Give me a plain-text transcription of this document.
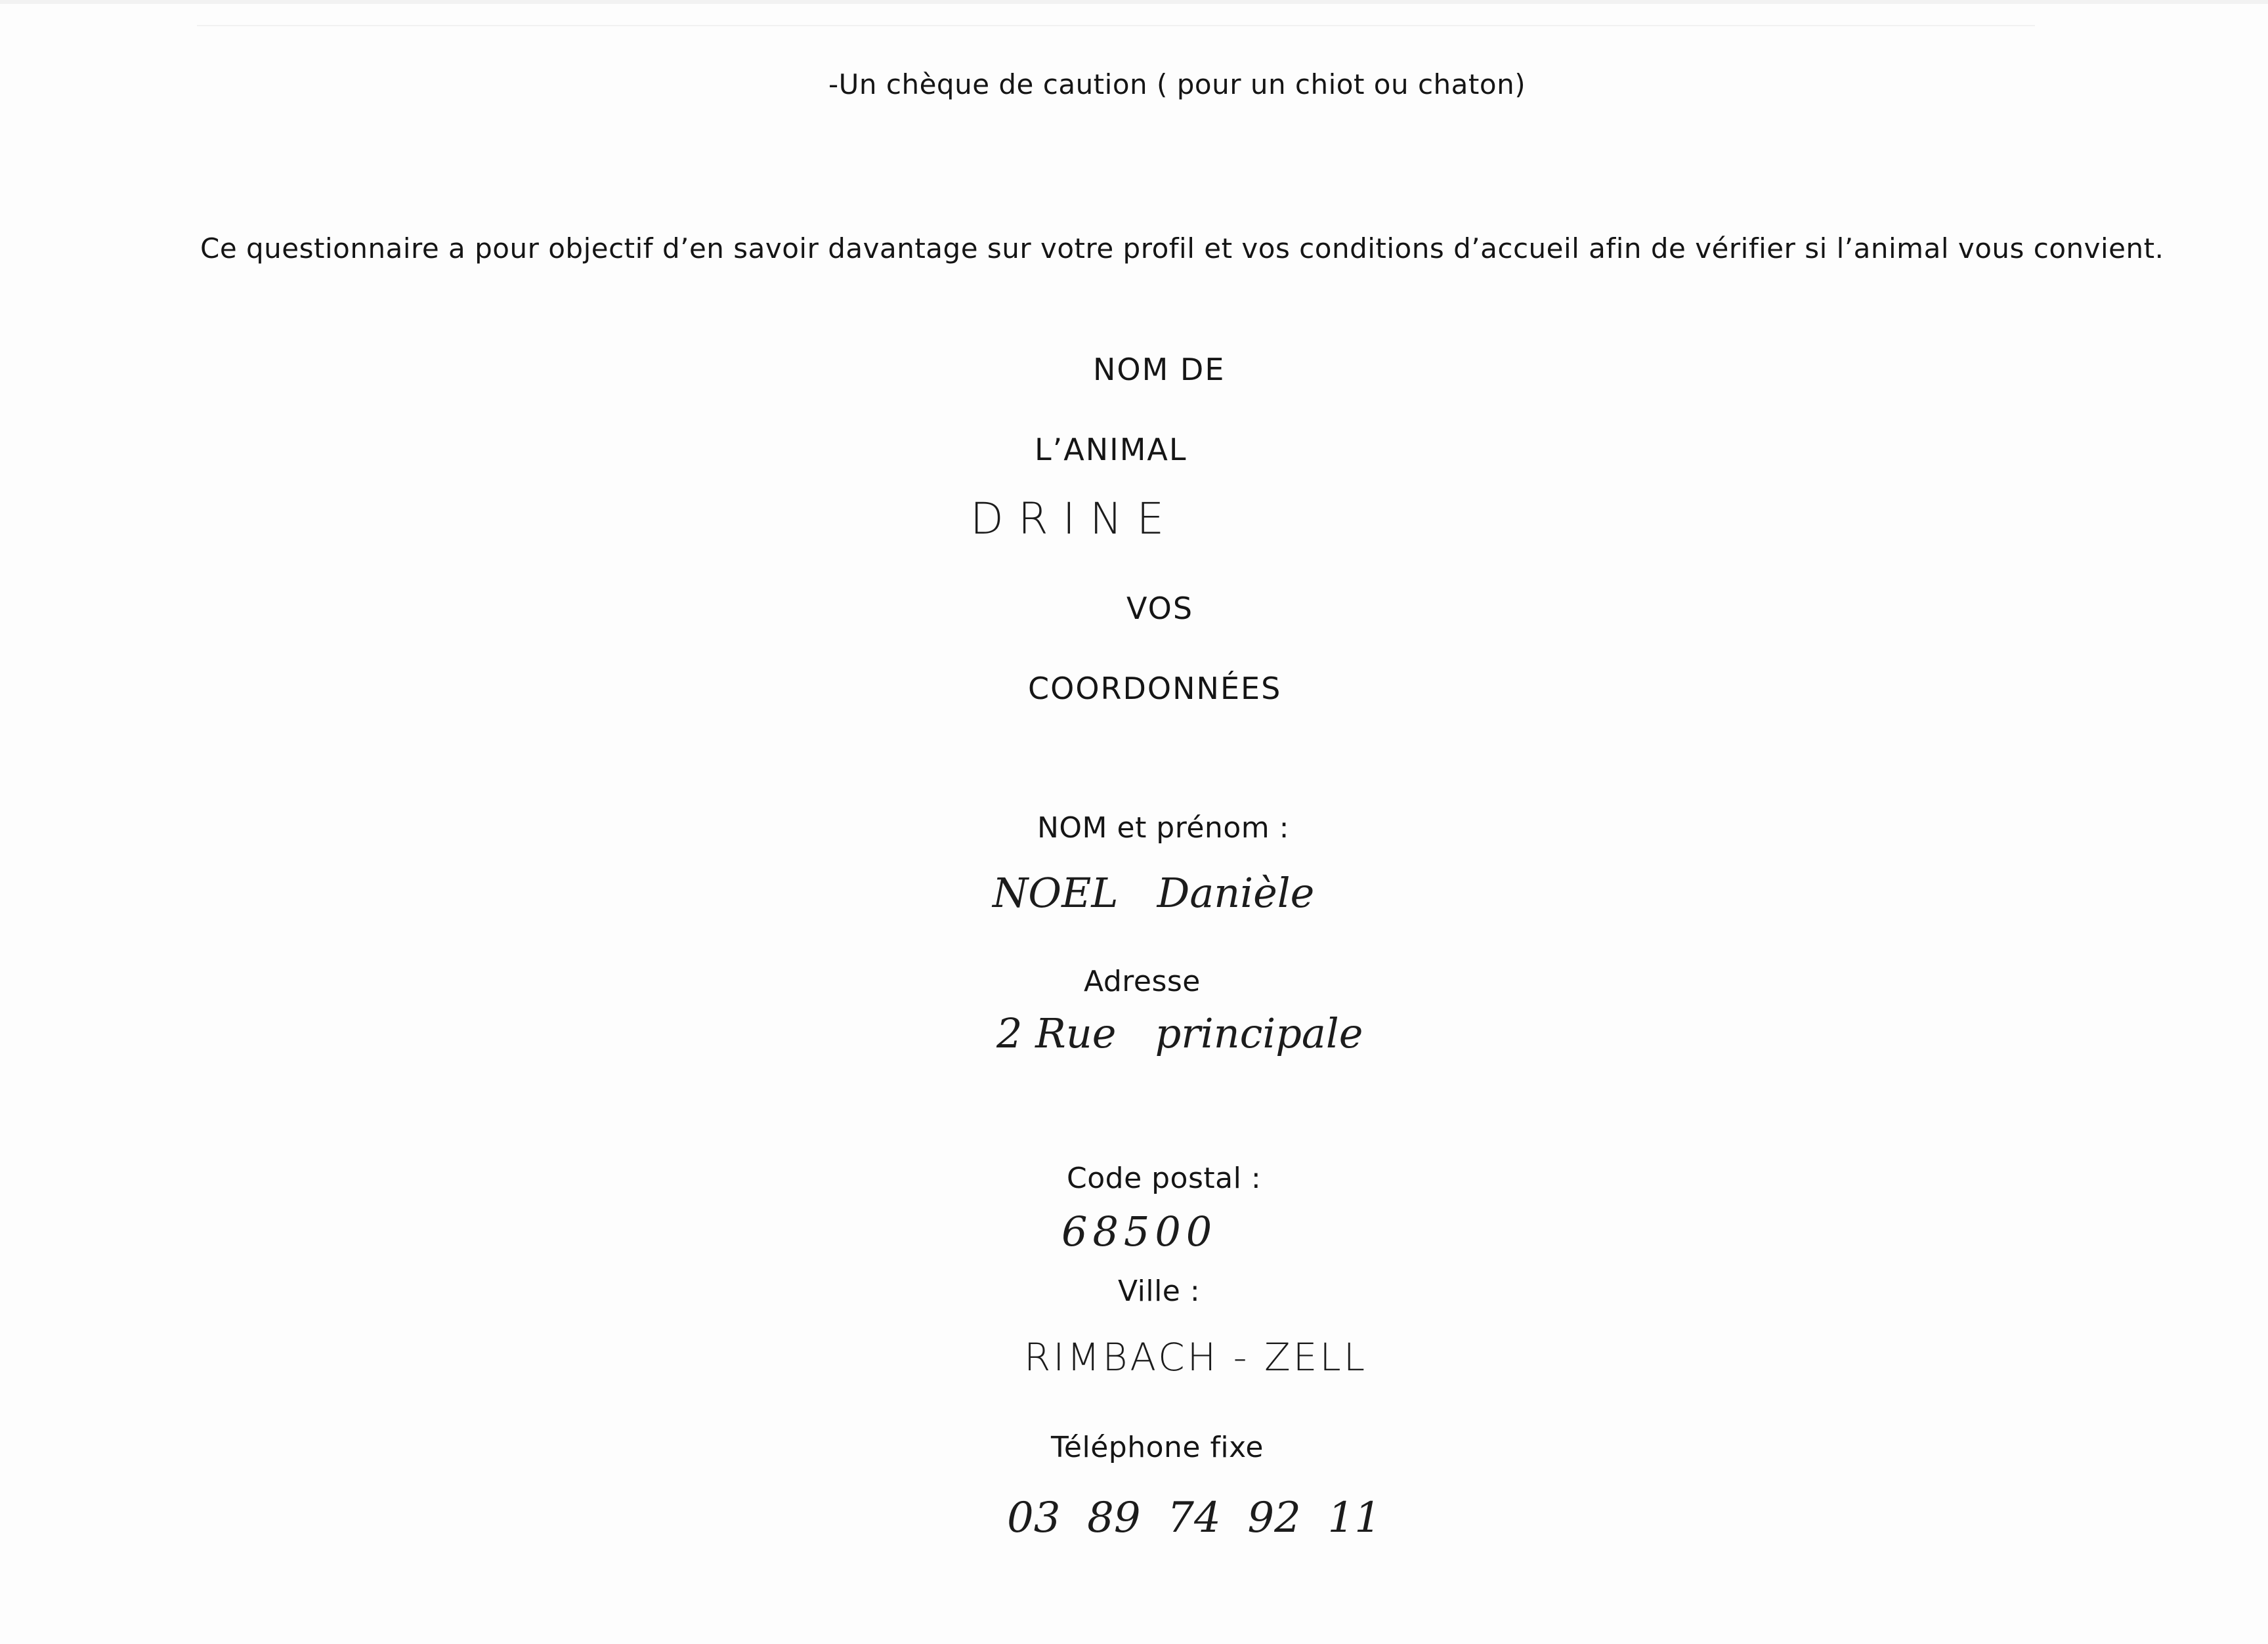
-Un chèque de caution ( pour un chiot ou chaton)
Ce questionnaire a pour objectif d’en savoir davantage sur votre profil et vos conditions d’accueil afin de vérifier si l’animal vous convient.
NOM DE
L’ANIMAL
DRINE
VOS
COORDONNÉES
NOM et prénom :
NOEL   Danièle
Adresse
2 Rue   principale
Code postal :
68500
Ville :
RIMBACH - ZELL
Téléphone fixe
03  89  74  92  11
